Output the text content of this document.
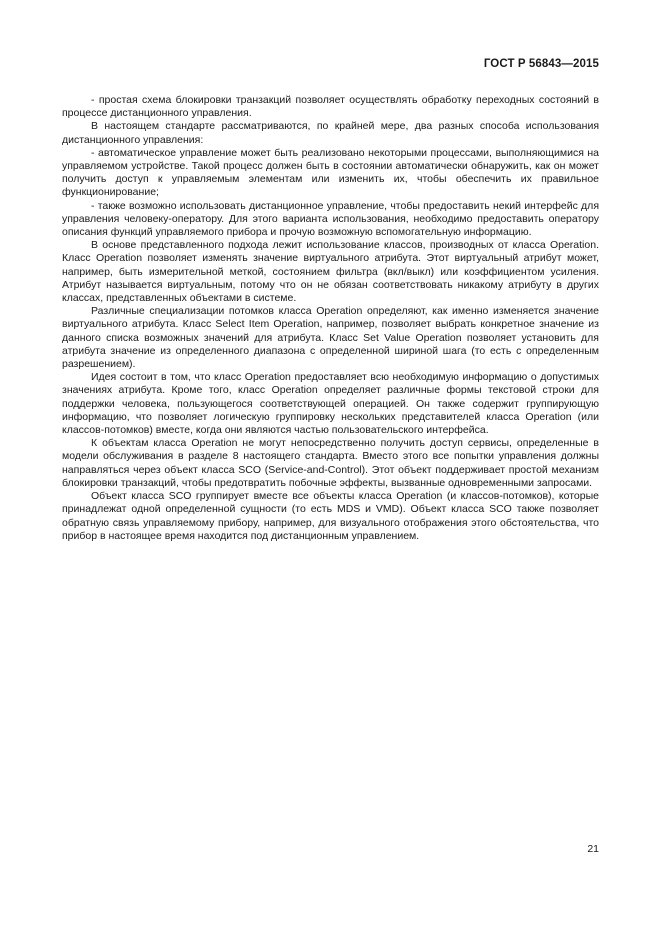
ГОСТ Р 56843—2015

- простая схема блокировки транзакций позволяет осуществлять обработку переходных состояний в процессе дистанционного управления.

В настоящем стандарте рассматриваются, по крайней мере, два разных способа использования дистанционного управления:

- автоматическое управление может быть реализовано некоторыми процессами, выполняющимися на управляемом устройстве. Такой процесс должен быть в состоянии автоматически обнаружить, как он может получить доступ к управляемым элементам или изменить их, чтобы обеспечить их правильное функционирование;

- также возможно использовать дистанционное управление, чтобы предоставить некий интерфейс для управления человеку-оператору. Для этого варианта использования, необходимо предоставить оператору описания функций управляемого прибора и прочую возможную вспомогательную информацию.

В основе представленного подхода лежит использование классов, производных от класса Operation. Класс Operation позволяет изменять значение виртуального атрибута. Этот виртуальный атрибут может, например, быть измерительной меткой, состоянием фильтра (вкл/выкл) или коэффициентом усиления. Атрибут называется виртуальным, потому что он не обязан соответствовать никакому атрибуту в других классах, представленных объектами в системе.

Различные специализации потомков класса Operation определяют, как именно изменяется значение виртуального атрибута. Класс Select Item Operation, например, позволяет выбрать конкретное значение из данного списка возможных значений для атрибута. Класс Set Value Operation позволяет установить для атрибута значение из определенного диапазона с определенной шириной шага (то есть с определенным разрешением).

Идея состоит в том, что класс Operation предоставляет всю необходимую информацию о допустимых значениях атрибута. Кроме того, класс Operation определяет различные формы текстовой строки для поддержки человека, пользующегося соответствующей операцией. Он также содержит группирующую информацию, что позволяет логическую группировку нескольких представителей класса Operation (или классов-потомков) вместе, когда они являются частью пользовательского интерфейса.

К объектам класса Operation не могут непосредственно получить доступ сервисы, определенные в модели обслуживания в разделе 8 настоящего стандарта. Вместо этого все попытки управления должны направляться через объект класса SCO (Service-and-Control). Этот объект поддерживает простой механизм блокировки транзакций, чтобы предотвратить побочные эффекты, вызванные одновременными запросами.

Объект класса SCO группирует вместе все объекты класса Operation (и классов-потомков), которые принадлежат одной определенной сущности (то есть MDS и VMD). Объект класса SCO также позволяет обратную связь управляемому прибору, например, для визуального отображения этого обстоятельства, что прибор в настоящее время находится под дистанционным управлением.

21
